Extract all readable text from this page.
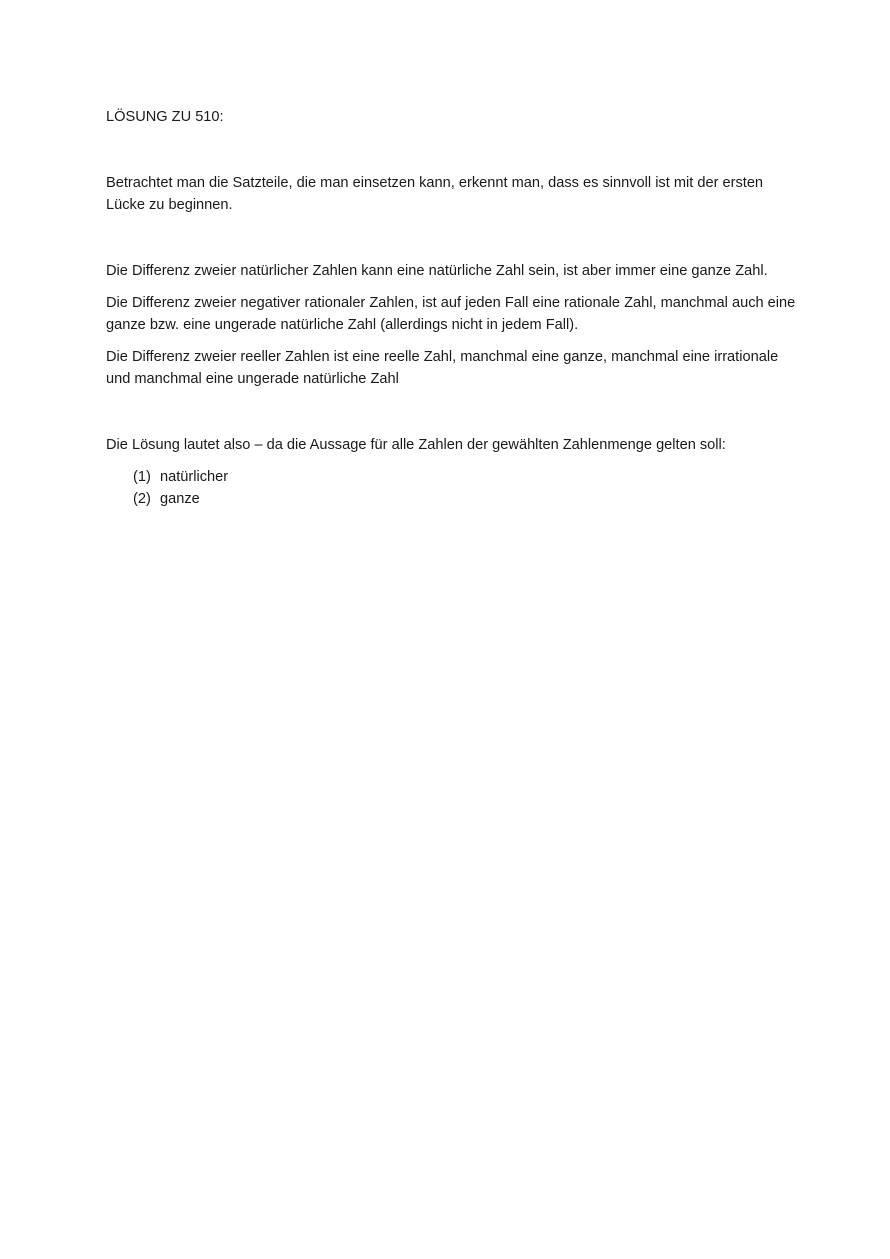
LÖSUNG ZU 510:

Betrachtet man die Satzteile, die man einsetzen kann, erkennt man, dass es sinnvoll ist mit der ersten Lücke zu beginnen.

Die Differenz zweier natürlicher Zahlen kann eine natürliche Zahl sein, ist aber immer eine ganze Zahl.

Die Differenz zweier negativer rationaler Zahlen, ist auf jeden Fall eine rationale Zahl, manchmal auch eine ganze bzw. eine ungerade natürliche Zahl (allerdings nicht in jedem Fall).

Die Differenz zweier reeller Zahlen ist eine reelle Zahl, manchmal eine ganze, manchmal eine irrationale und manchmal eine ungerade natürliche Zahl

Die Lösung lautet also – da die Aussage für alle Zahlen der gewählten Zahlenmenge gelten soll:

(1) natürlicher
(2) ganze
